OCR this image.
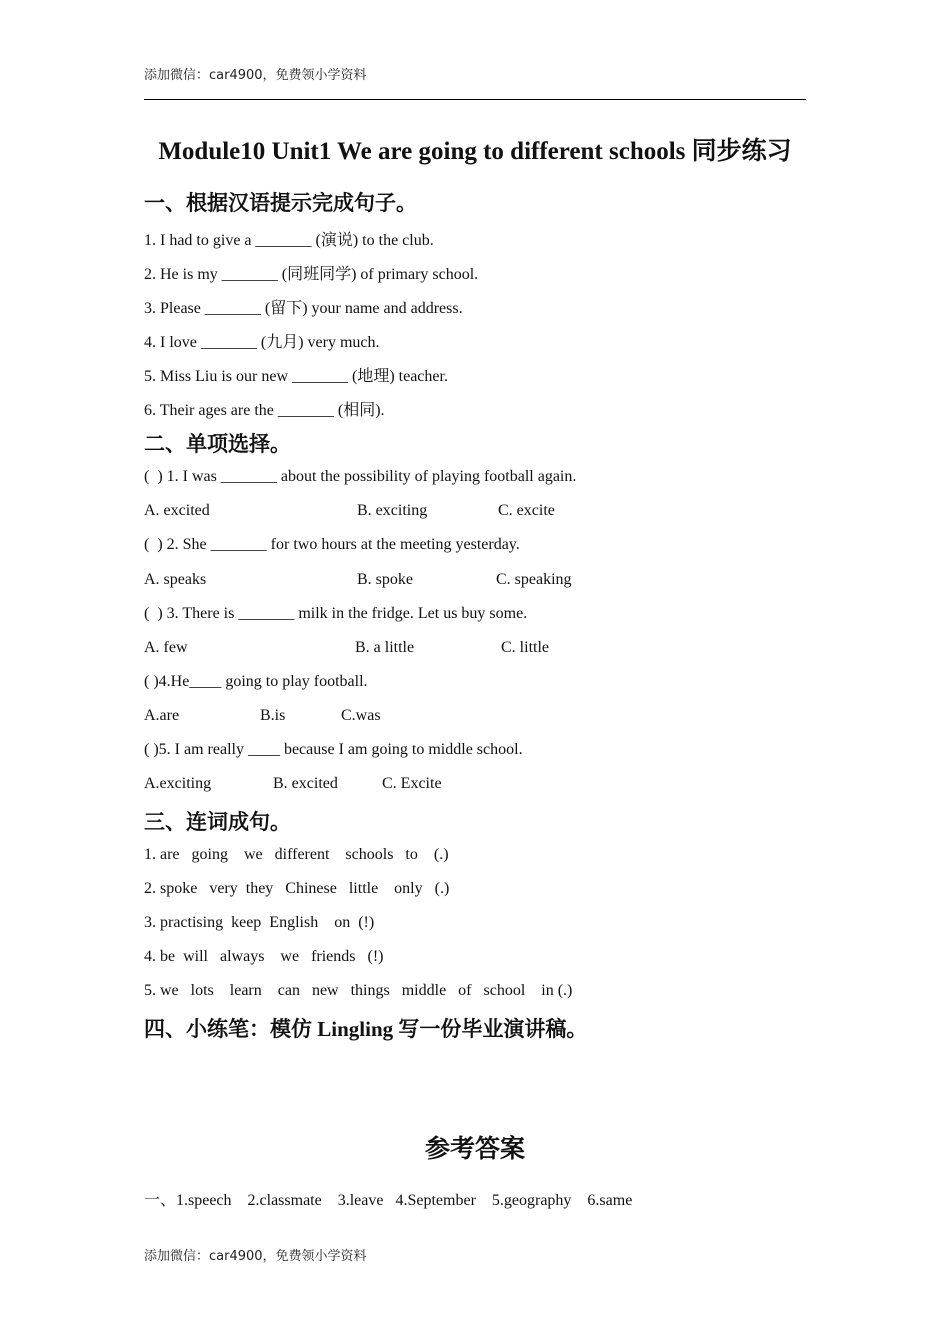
添加微信：car4900，免费领小学资料
Module10 Unit1 We are going to different schools 同步练习
一、根据汉语提示完成句子。
1. I had to give a _______ (演说) to the club.
2. He is my _______ (同班同学) of primary school.
3. Please _______ (留下) your name and address.
4. I love _______ (九月) very much.
5. Miss Liu is our new _______ (地理) teacher.
6. Their ages are the _______ (相同).
二、单项选择。
(  ) 1. I was _______ about the possibility of playing football again.
A. excited	B. exciting	C. excite
(  ) 2. She _______ for two hours at the meeting yesterday.
A. speaks	B. spoke	C. speaking
(  ) 3. There is _______ milk in the fridge. Let us buy some.
A. few	B. a little	C. little
( )4.He____ going to play football.
A.are	B.is	C.was
( )5. I am really ____ because I am going to middle school.
A.exciting	B. excited	C. Excite
三、连词成句。
1. are   going    we   different    schools   to    (.)
2. spoke   very  they   Chinese   little    only   (.)
3. practising  keep  English    on  (!)
4. be  will   always    we   friends   (!)
5. we   lots    learn    can   new   things   middle   of   school    in (.)
四、小练笔：模仿 Lingling 写一份毕业演讲稿。
参考答案
一、1.speech    2.classmate    3.leave   4.September    5.geography    6.same
添加微信：car4900，免费领小学资料
